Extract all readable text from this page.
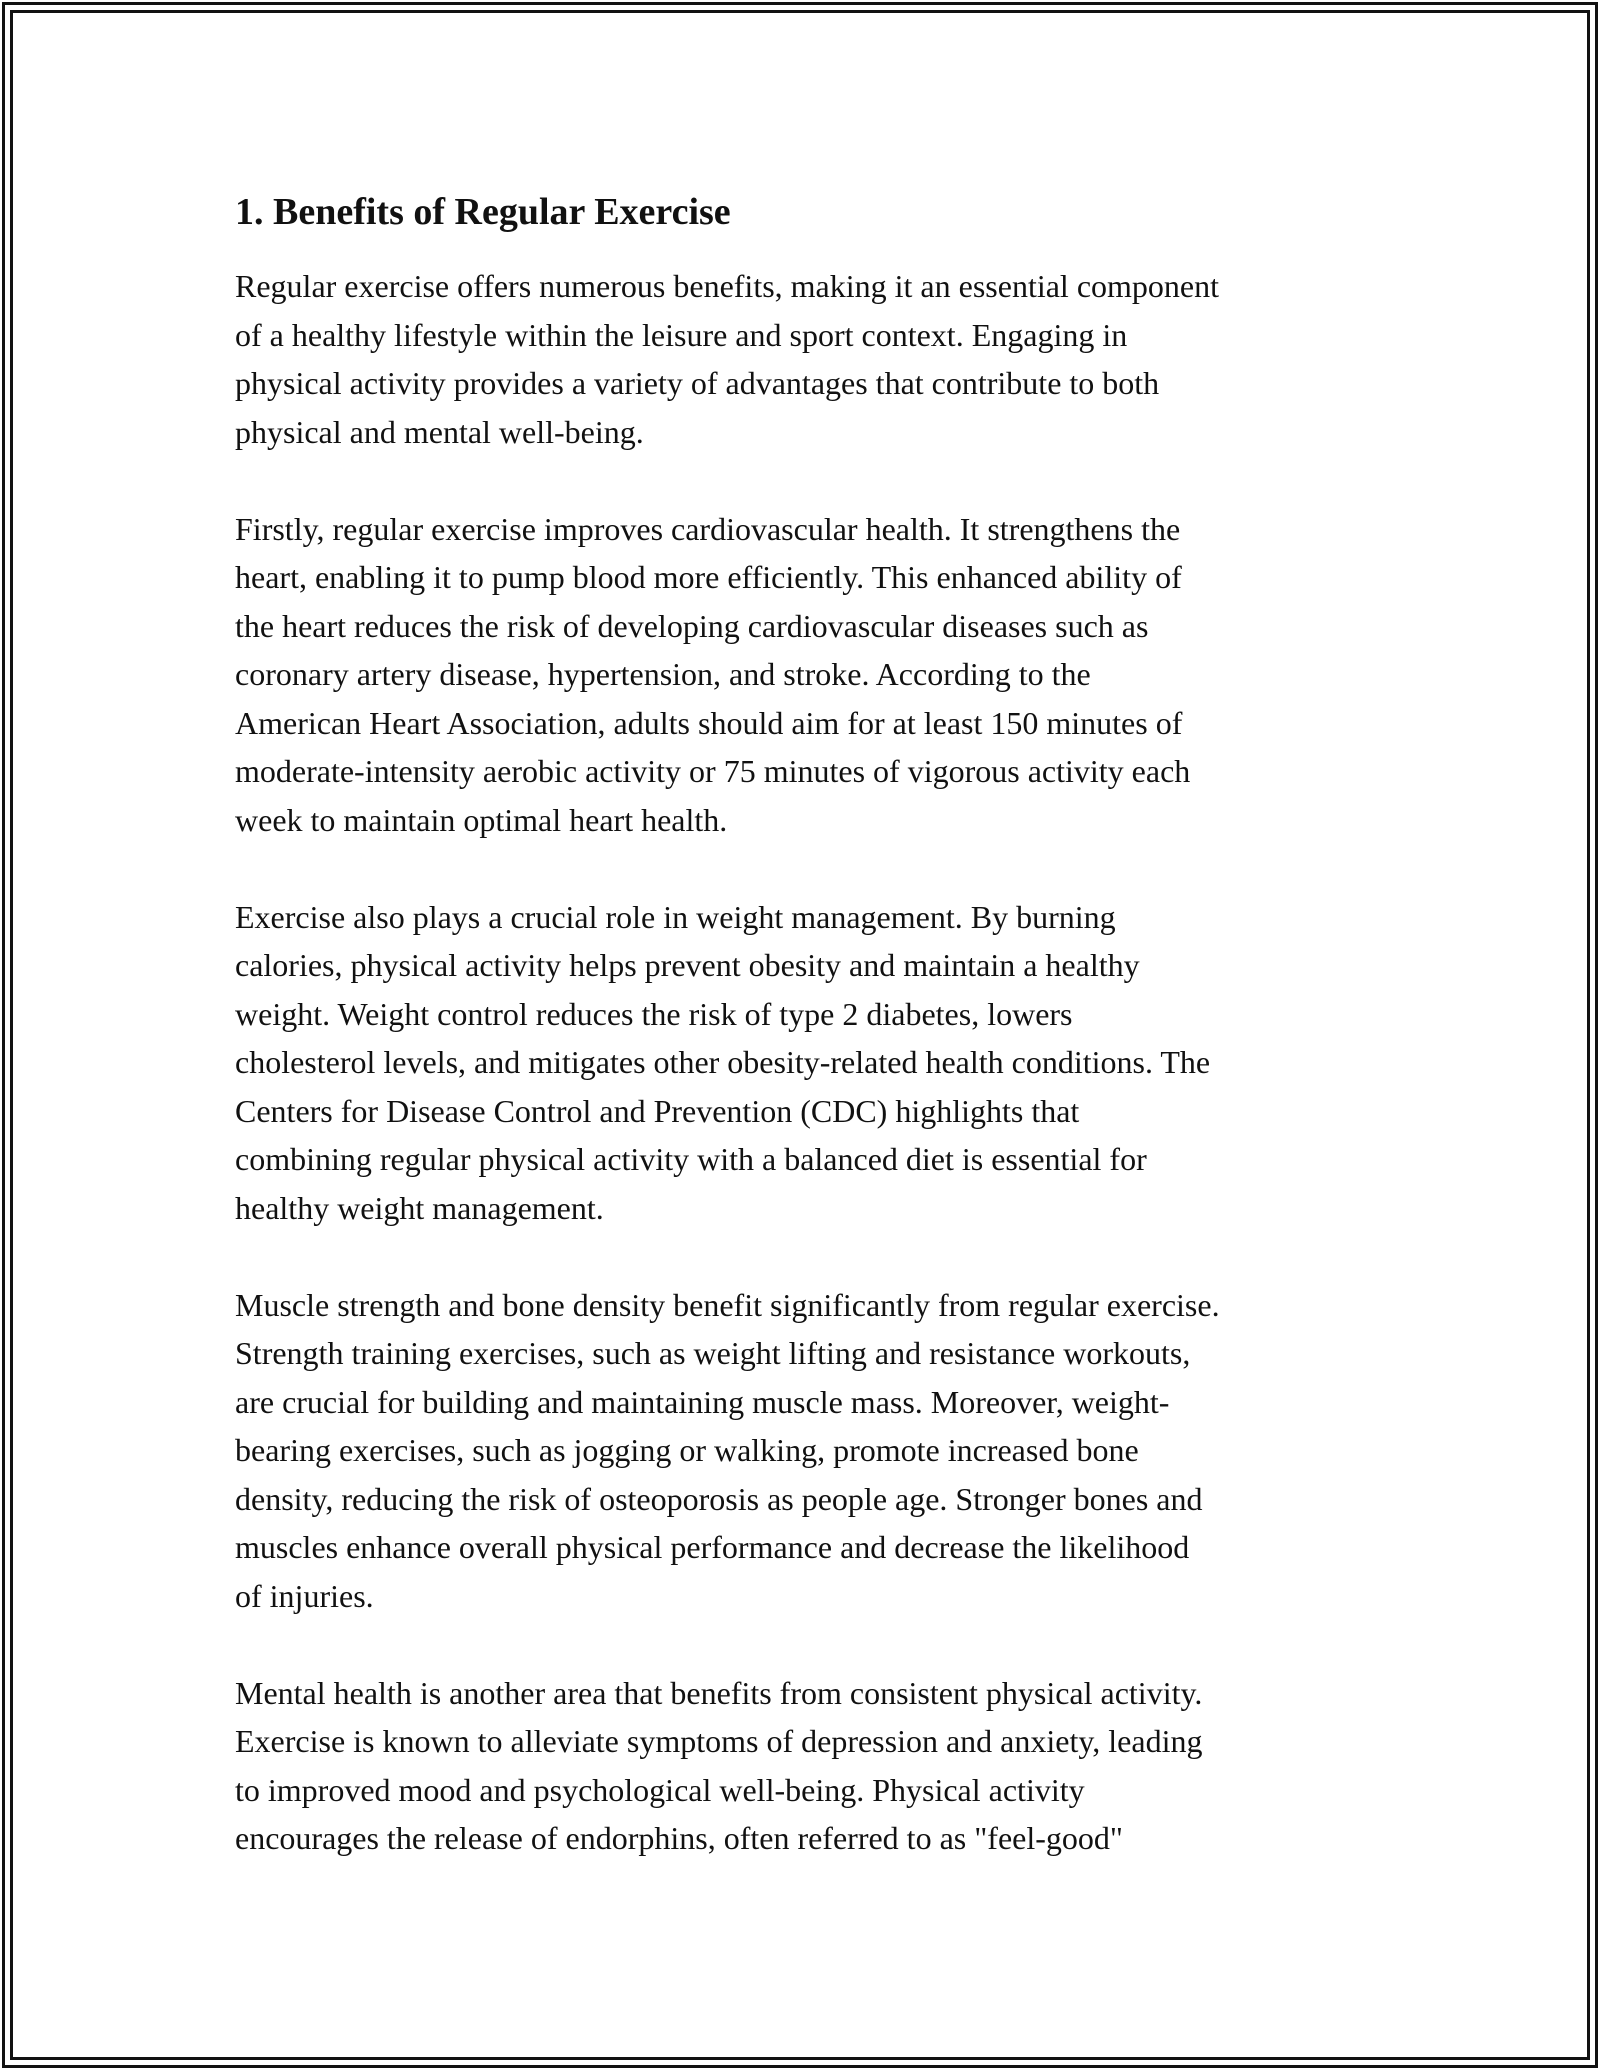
1. Benefits of Regular Exercise

Regular exercise offers numerous benefits, making it an essential component
of a healthy lifestyle within the leisure and sport context. Engaging in
physical activity provides a variety of advantages that contribute to both
physical and mental well-being.

Firstly, regular exercise improves cardiovascular health. It strengthens the
heart, enabling it to pump blood more efficiently. This enhanced ability of
the heart reduces the risk of developing cardiovascular diseases such as
coronary artery disease, hypertension, and stroke. According to the
American Heart Association, adults should aim for at least 150 minutes of
moderate-intensity aerobic activity or 75 minutes of vigorous activity each
week to maintain optimal heart health.

Exercise also plays a crucial role in weight management. By burning
calories, physical activity helps prevent obesity and maintain a healthy
weight. Weight control reduces the risk of type 2 diabetes, lowers
cholesterol levels, and mitigates other obesity-related health conditions. The
Centers for Disease Control and Prevention (CDC) highlights that
combining regular physical activity with a balanced diet is essential for
healthy weight management.

Muscle strength and bone density benefit significantly from regular exercise.
Strength training exercises, such as weight lifting and resistance workouts,
are crucial for building and maintaining muscle mass. Moreover, weight-
bearing exercises, such as jogging or walking, promote increased bone
density, reducing the risk of osteoporosis as people age. Stronger bones and
muscles enhance overall physical performance and decrease the likelihood
of injuries.

Mental health is another area that benefits from consistent physical activity.
Exercise is known to alleviate symptoms of depression and anxiety, leading
to improved mood and psychological well-being. Physical activity
encourages the release of endorphins, often referred to as "feel-good"
